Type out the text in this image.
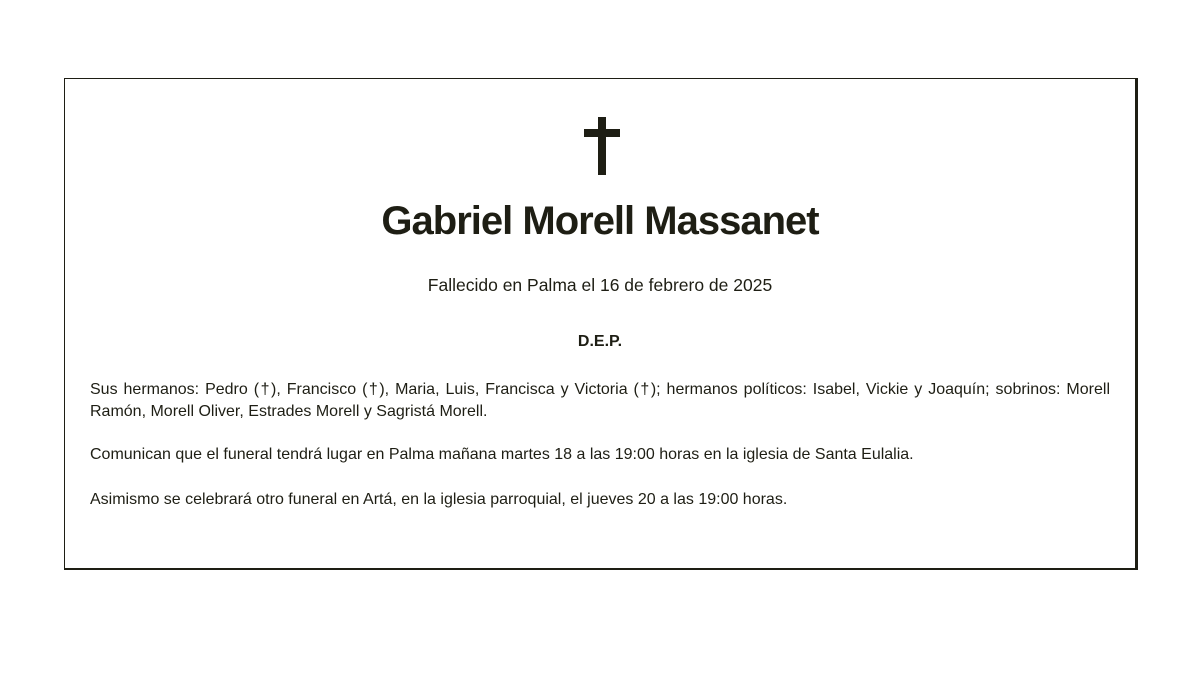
Gabriel Morell Massanet
Fallecido en Palma el 16 de febrero de 2025
D.E.P.
Sus hermanos: Pedro (†), Francisco (†), Maria, Luis, Francisca y Victoria (†); hermanos políticos: Isabel, Vickie y Joaquín; sobrinos: Morell Ramón, Morell Oliver, Estrades Morell y Sagristá Morell.
Comunican que el funeral tendrá lugar en Palma mañana martes 18 a las 19:00 horas en la iglesia de Santa Eulalia.
Asimismo se celebrará otro funeral en Artá, en la iglesia parroquial, el jueves 20 a las 19:00 horas.
